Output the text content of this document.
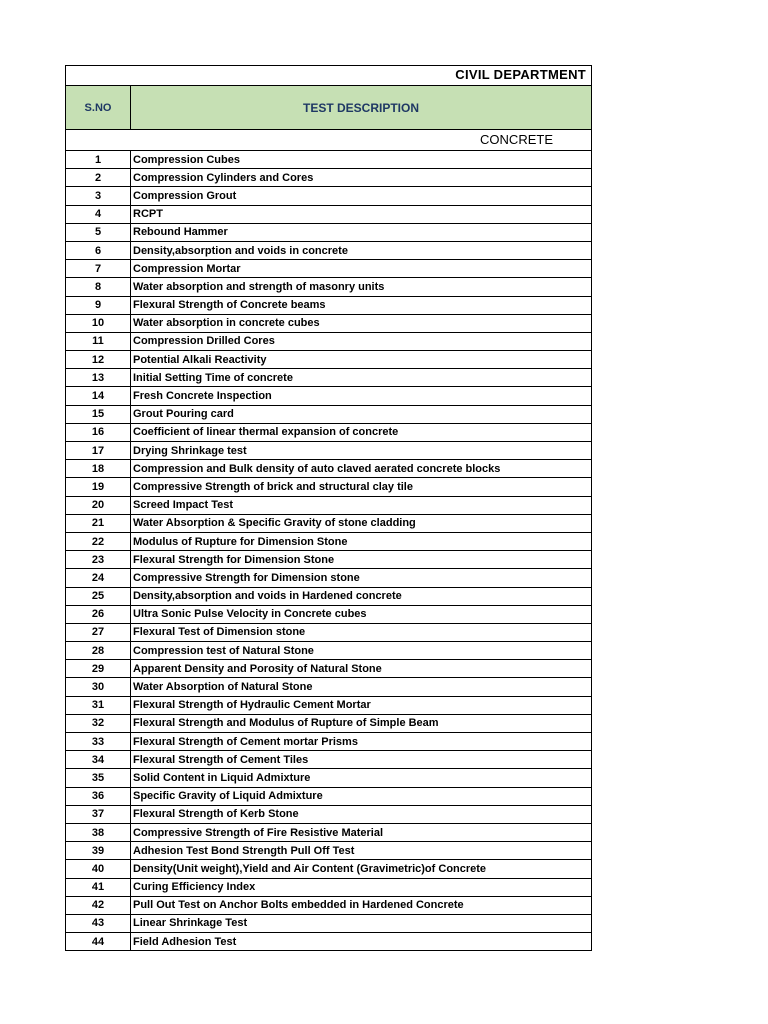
CIVIL DEPARTMENT
S.NO	TEST DESCRIPTION
CONCRETE
1	Compression Cubes
2	Compression Cylinders and Cores
3	Compression Grout
4	RCPT
5	Rebound Hammer
6	Density,absorption and voids in concrete
7	Compression Mortar
8	Water absorption and strength of masonry units
9	Flexural Strength of Concrete beams
10	Water absorption in concrete cubes
11	Compression Drilled Cores
12	Potential Alkali Reactivity
13	Initial Setting Time of concrete
14	Fresh Concrete Inspection
15	Grout Pouring card
16	Coefficient of linear thermal expansion of concrete
17	Drying Shrinkage test
18	Compression and Bulk density of auto claved aerated concrete blocks
19	Compressive Strength of brick and structural clay tile
20	Screed Impact Test
21	Water Absorption & Specific Gravity of stone cladding
22	Modulus of Rupture for Dimension Stone
23	Flexural Strength for Dimension Stone
24	Compressive Strength for Dimension stone
25	Density,absorption and voids in Hardened concrete
26	Ultra Sonic Pulse Velocity in Concrete cubes
27	Flexural Test of Dimension stone
28	Compression test of Natural Stone
29	Apparent Density and Porosity of Natural Stone
30	Water Absorption of Natural Stone
31	Flexural Strength of Hydraulic Cement Mortar
32	Flexural Strength and Modulus of Rupture of Simple Beam
33	Flexural Strength of Cement mortar Prisms
34	Flexural Strength of Cement Tiles
35	Solid Content in Liquid Admixture
36	Specific Gravity of Liquid Admixture
37	Flexural Strength of Kerb Stone
38	Compressive Strength of Fire Resistive Material
39	Adhesion Test Bond Strength Pull Off Test
40	Density(Unit weight),Yield and Air Content (Gravimetric)of Concrete
41	Curing Efficiency Index
42	Pull Out Test on Anchor Bolts embedded in Hardened Concrete
43	Linear Shrinkage Test
44	Field Adhesion Test
